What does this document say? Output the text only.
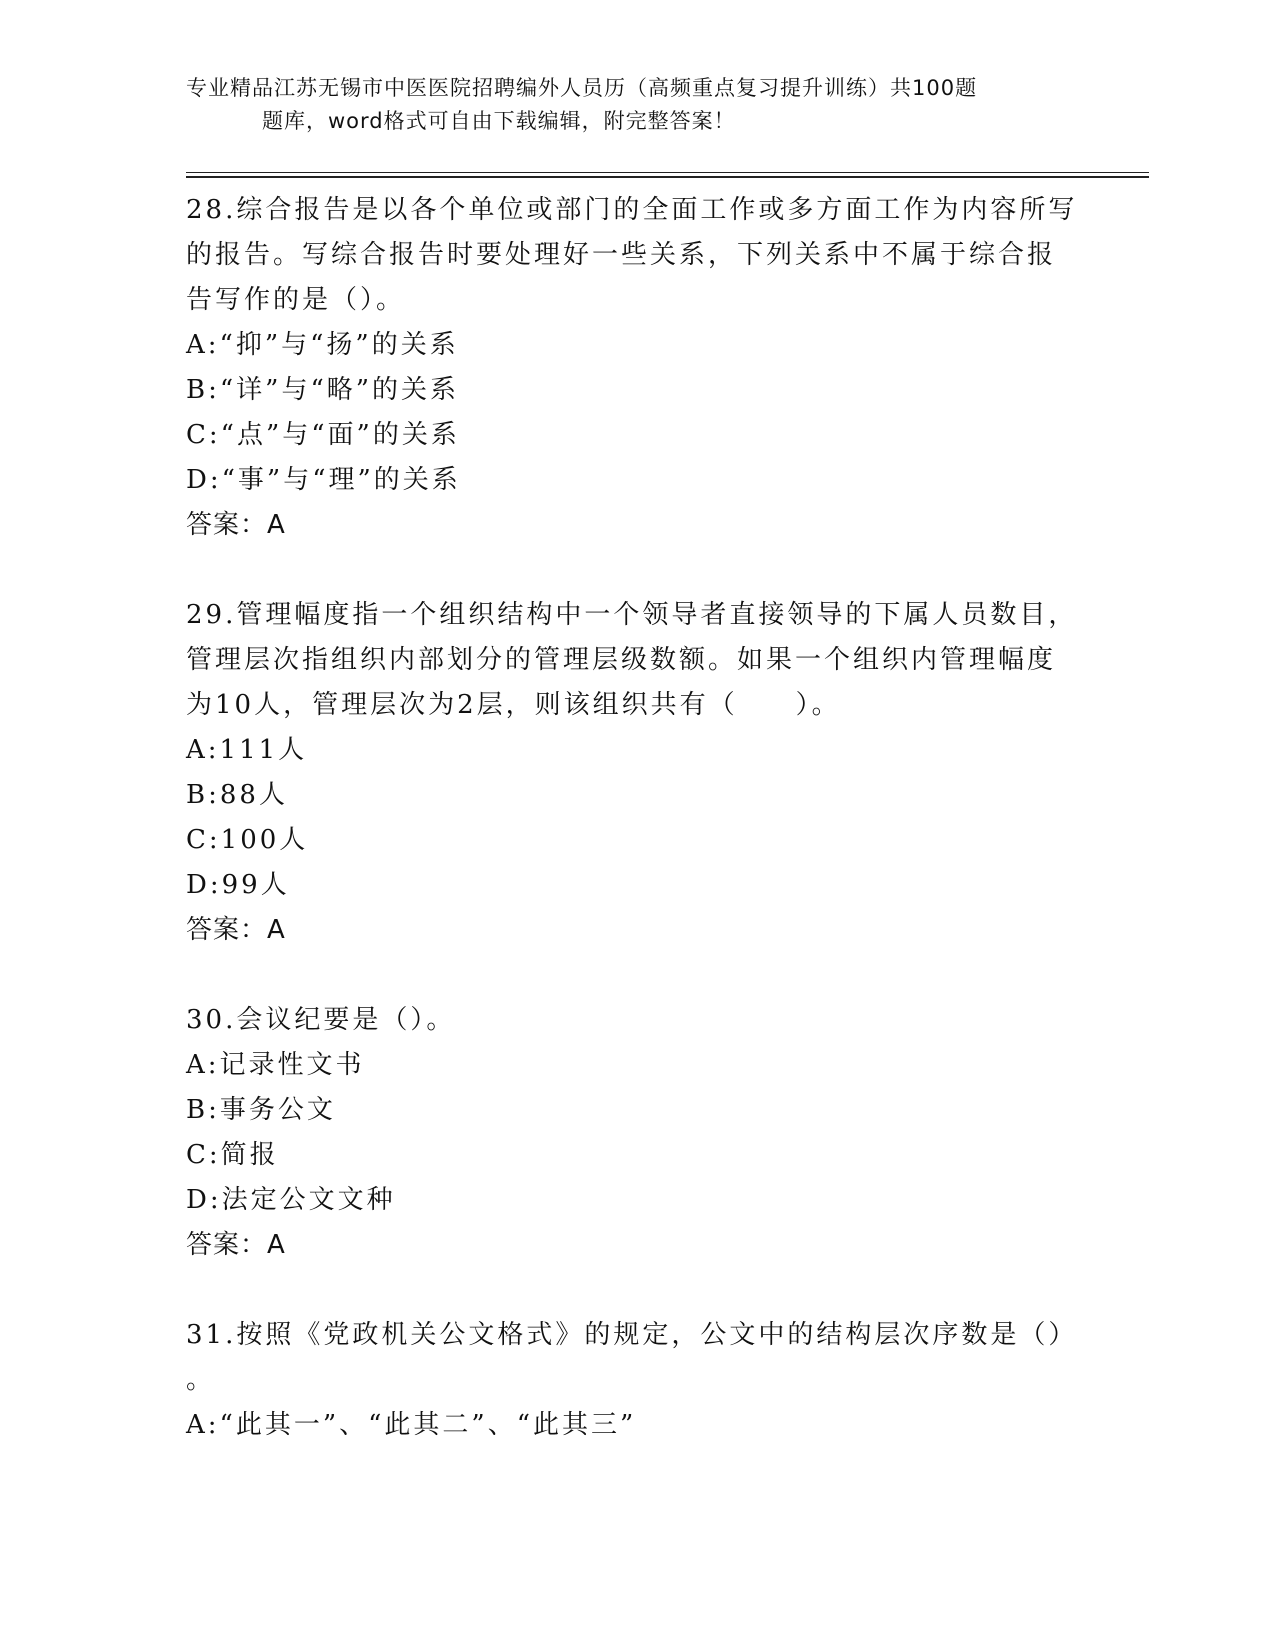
专业精品江苏无锡市中医医院招聘编外人员历（高频重点复习提升训练）共100题
题库，word格式可自由下载编辑，附完整答案！
28.综合报告是以各个单位或部门的全面工作或多方面工作为内容所写
的报告。写综合报告时要处理好一些关系，下列关系中不属于综合报
告写作的是（）。
A:“抑”与“扬”的关系
B:“详”与“略”的关系
C:“点”与“面”的关系
D:“事”与“理”的关系
答案：A
29.管理幅度指一个组织结构中一个领导者直接领导的下属人员数目，
管理层次指组织内部划分的管理层级数额。如果一个组织内管理幅度
为10人，管理层次为2层，则该组织共有（　　）。
A:111人
B:88人
C:100人
D:99人
答案：A
30.会议纪要是（）。
A:记录性文书
B:事务公文
C:简报
D:法定公文文种
答案：A
31.按照《党政机关公文格式》的规定，公文中的结构层次序数是（）
。
A:“此其一”、“此其二”、“此其三”
